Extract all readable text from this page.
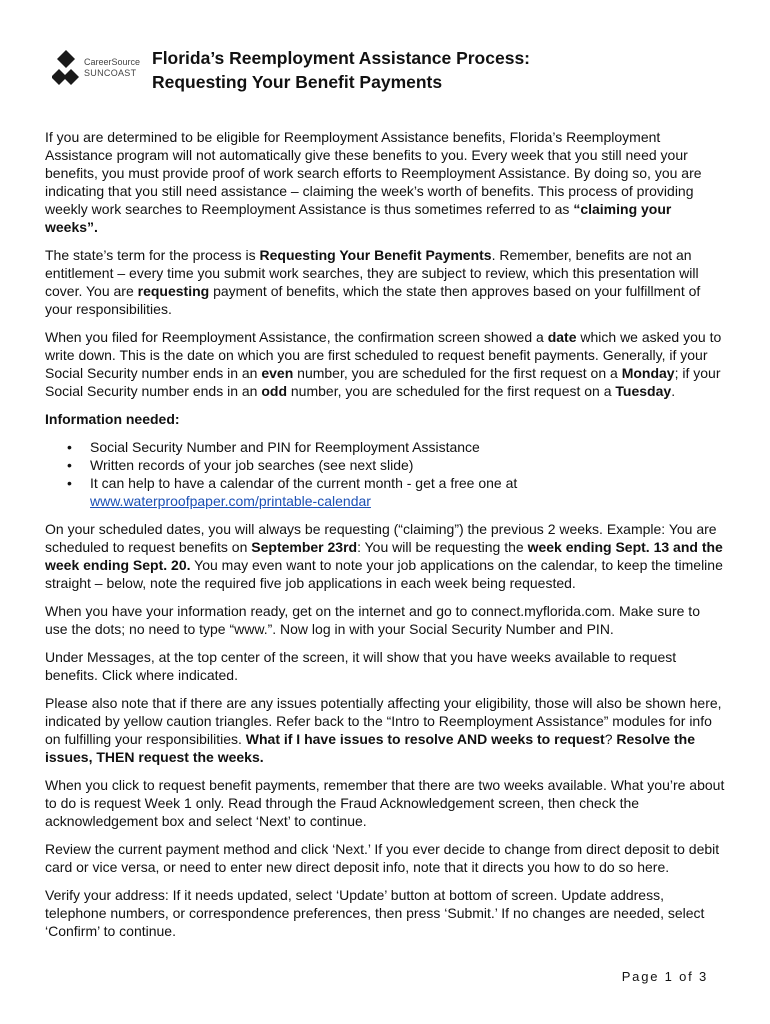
CareerSource
SUNCOAST
Florida’s Reemployment Assistance Process:
Requesting Your Benefit Payments

If you are determined to be eligible for Reemployment Assistance benefits, Florida’s Reemployment Assistance program will not automatically give these benefits to you. Every week that you still need your benefits, you must provide proof of work search efforts to Reemployment Assistance. By doing so, you are indicating that you still need assistance – claiming the week’s worth of benefits. This process of providing weekly work searches to Reemployment Assistance is thus sometimes referred to as “claiming your weeks”.

The state’s term for the process is Requesting Your Benefit Payments. Remember, benefits are not an entitlement – every time you submit work searches, they are subject to review, which this presentation will cover. You are requesting payment of benefits, which the state then approves based on your fulfillment of your responsibilities.

When you filed for Reemployment Assistance, the confirmation screen showed a date which we asked you to write down. This is the date on which you are first scheduled to request benefit payments. Generally, if your Social Security number ends in an even number, you are scheduled for the first request on a Monday; if your Social Security number ends in an odd number, you are scheduled for the first request on a Tuesday.

Information needed:

• Social Security Number and PIN for Reemployment Assistance
• Written records of your job searches (see next slide)
• It can help to have a calendar of the current month - get a free one at
www.waterproofpaper.com/printable-calendar

On your scheduled dates, you will always be requesting (“claiming”) the previous 2 weeks. Example: You are scheduled to request benefits on September 23rd: You will be requesting the week ending Sept. 13 and the week ending Sept. 20. You may even want to note your job applications on the calendar, to keep the timeline straight – below, note the required five job applications in each week being requested.

When you have your information ready, get on the internet and go to connect.myflorida.com. Make sure to use the dots; no need to type “www.”. Now log in with your Social Security Number and PIN.

Under Messages, at the top center of the screen, it will show that you have weeks available to request benefits. Click where indicated.

Please also note that if there are any issues potentially affecting your eligibility, those will also be shown here, indicated by yellow caution triangles. Refer back to the “Intro to Reemployment Assistance” modules for info on fulfilling your responsibilities. What if I have issues to resolve AND weeks to request? Resolve the issues, THEN request the weeks.

When you click to request benefit payments, remember that there are two weeks available. What you’re about to do is request Week 1 only. Read through the Fraud Acknowledgement screen, then check the acknowledgement box and select ‘Next’ to continue.

Review the current payment method and click ‘Next.’ If you ever decide to change from direct deposit to debit card or vice versa, or need to enter new direct deposit info, note that it directs you how to do so here.

Verify your address: If it needs updated, select ‘Update’ button at bottom of screen. Update address, telephone numbers, or correspondence preferences, then press ‘Submit.’ If no changes are needed, select ‘Confirm’ to continue.

Page 1 of 3
